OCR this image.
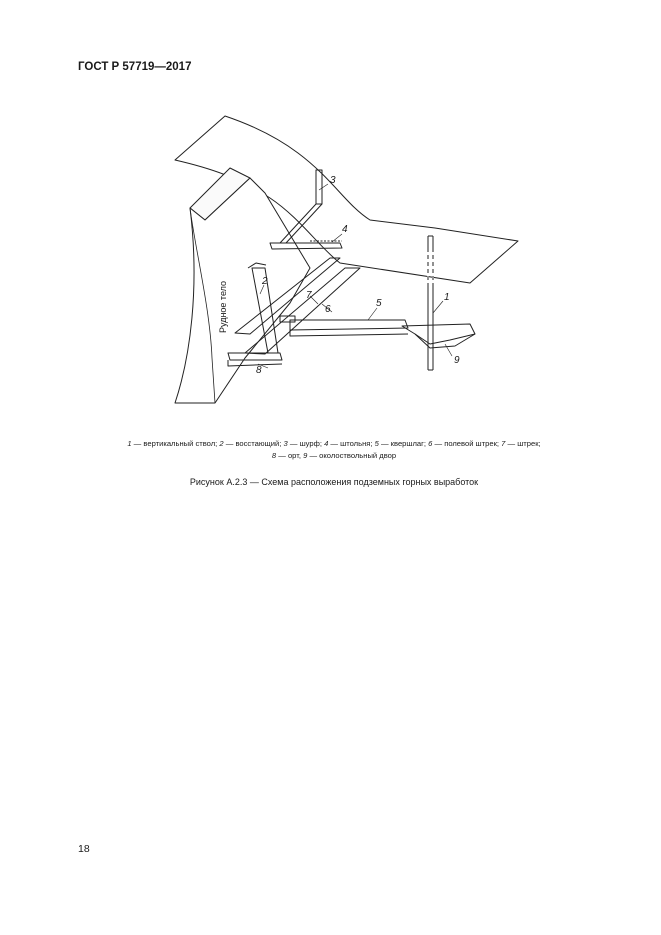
ГОСТ Р 57719—2017
3
4
2
7
6
5
1
8
9
Рудное тело
1 — вертикальный ствол; 2 — восстающий; 3 — шурф; 4 — штольня; 5 — квершлаг; 6 — полевой штрек; 7 — штрек;
8 — орт, 9 — околоствольный двор
Рисунок А.2.3 — Схема расположения подземных горных выработок
18
